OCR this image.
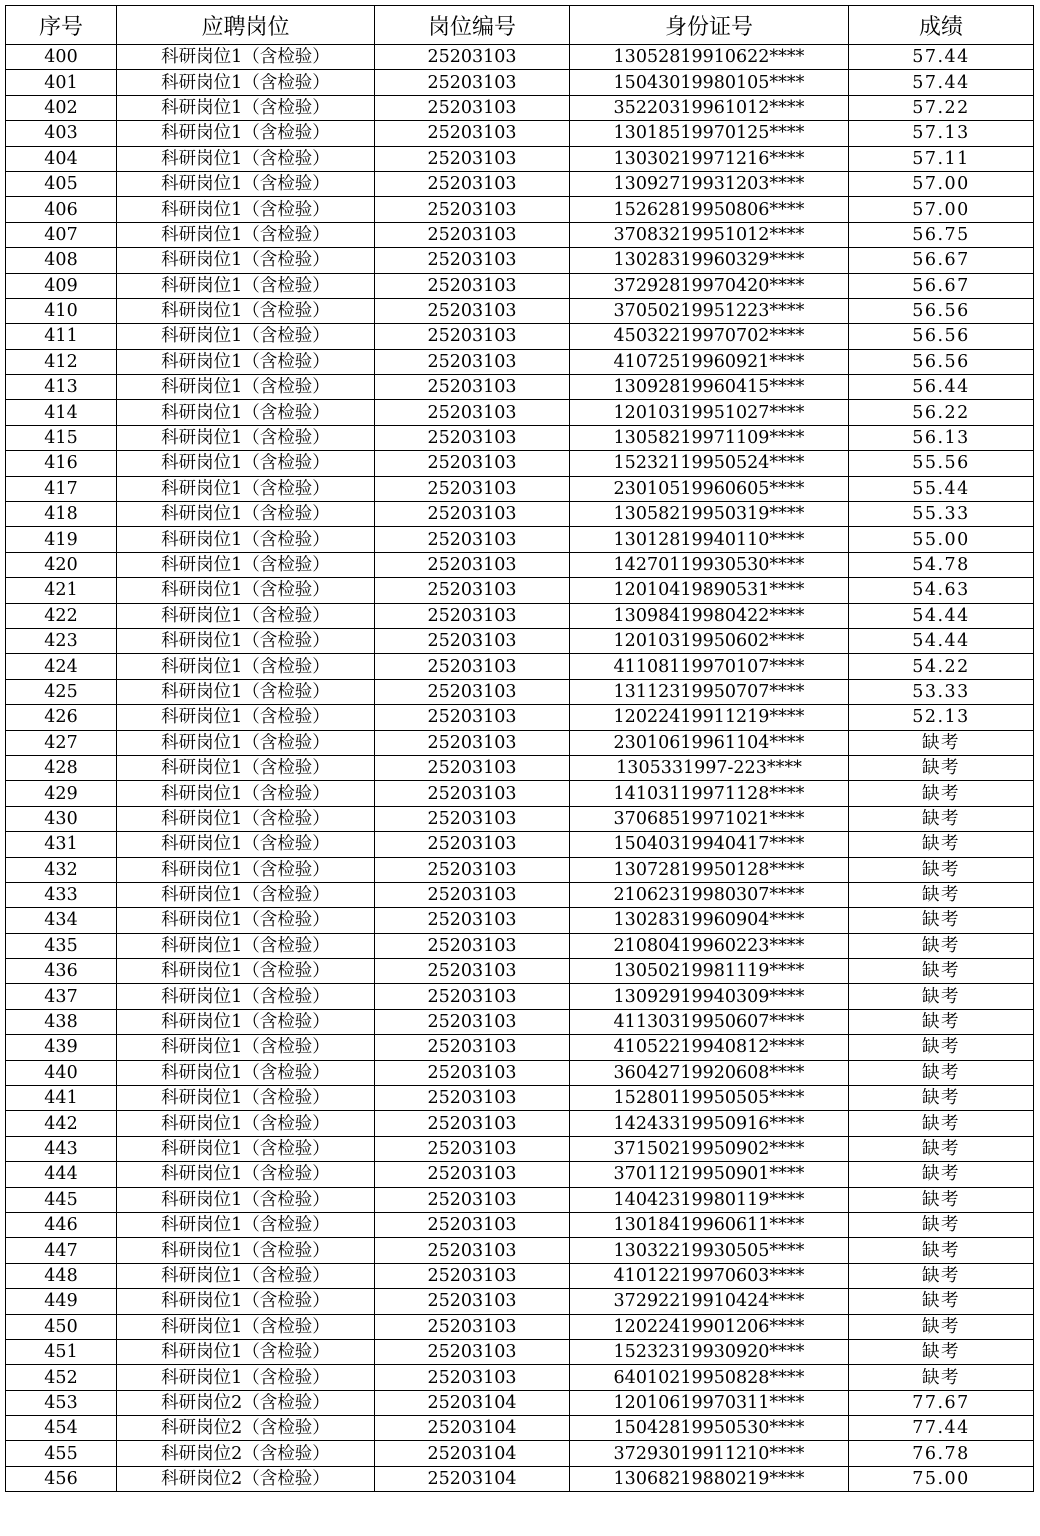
序号	应聘岗位	岗位编号	身份证号	成绩
400	科研岗位1（含检验）	25203103	13052819910622****	57.44
401	科研岗位1（含检验）	25203103	15043019980105****	57.44
402	科研岗位1（含检验）	25203103	35220319961012****	57.22
403	科研岗位1（含检验）	25203103	13018519970125****	57.13
404	科研岗位1（含检验）	25203103	13030219971216****	57.11
405	科研岗位1（含检验）	25203103	13092719931203****	57.00
406	科研岗位1（含检验）	25203103	15262819950806****	57.00
407	科研岗位1（含检验）	25203103	37083219951012****	56.75
408	科研岗位1（含检验）	25203103	13028319960329****	56.67
409	科研岗位1（含检验）	25203103	37292819970420****	56.67
410	科研岗位1（含检验）	25203103	37050219951223****	56.56
411	科研岗位1（含检验）	25203103	45032219970702****	56.56
412	科研岗位1（含检验）	25203103	41072519960921****	56.56
413	科研岗位1（含检验）	25203103	13092819960415****	56.44
414	科研岗位1（含检验）	25203103	12010319951027****	56.22
415	科研岗位1（含检验）	25203103	13058219971109****	56.13
416	科研岗位1（含检验）	25203103	15232119950524****	55.56
417	科研岗位1（含检验）	25203103	23010519960605****	55.44
418	科研岗位1（含检验）	25203103	13058219950319****	55.33
419	科研岗位1（含检验）	25203103	13012819940110****	55.00
420	科研岗位1（含检验）	25203103	14270119930530****	54.78
421	科研岗位1（含检验）	25203103	12010419890531****	54.63
422	科研岗位1（含检验）	25203103	13098419980422****	54.44
423	科研岗位1（含检验）	25203103	12010319950602****	54.44
424	科研岗位1（含检验）	25203103	41108119970107****	54.22
425	科研岗位1（含检验）	25203103	13112319950707****	53.33
426	科研岗位1（含检验）	25203103	12022419911219****	52.13
427	科研岗位1（含检验）	25203103	23010619961104****	缺考
428	科研岗位1（含检验）	25203103	1305331997-223****	缺考
429	科研岗位1（含检验）	25203103	14103119971128****	缺考
430	科研岗位1（含检验）	25203103	37068519971021****	缺考
431	科研岗位1（含检验）	25203103	15040319940417****	缺考
432	科研岗位1（含检验）	25203103	13072819950128****	缺考
433	科研岗位1（含检验）	25203103	21062319980307****	缺考
434	科研岗位1（含检验）	25203103	13028319960904****	缺考
435	科研岗位1（含检验）	25203103	21080419960223****	缺考
436	科研岗位1（含检验）	25203103	13050219981119****	缺考
437	科研岗位1（含检验）	25203103	13092919940309****	缺考
438	科研岗位1（含检验）	25203103	41130319950607****	缺考
439	科研岗位1（含检验）	25203103	41052219940812****	缺考
440	科研岗位1（含检验）	25203103	36042719920608****	缺考
441	科研岗位1（含检验）	25203103	15280119950505****	缺考
442	科研岗位1（含检验）	25203103	14243319950916****	缺考
443	科研岗位1（含检验）	25203103	37150219950902****	缺考
444	科研岗位1（含检验）	25203103	37011219950901****	缺考
445	科研岗位1（含检验）	25203103	14042319980119****	缺考
446	科研岗位1（含检验）	25203103	13018419960611****	缺考
447	科研岗位1（含检验）	25203103	13032219930505****	缺考
448	科研岗位1（含检验）	25203103	41012219970603****	缺考
449	科研岗位1（含检验）	25203103	37292219910424****	缺考
450	科研岗位1（含检验）	25203103	12022419901206****	缺考
451	科研岗位1（含检验）	25203103	15232319930920****	缺考
452	科研岗位1（含检验）	25203103	64010219950828****	缺考
453	科研岗位2（含检验）	25203104	12010619970311****	77.67
454	科研岗位2（含检验）	25203104	15042819950530****	77.44
455	科研岗位2（含检验）	25203104	37293019911210****	76.78
456	科研岗位2（含检验）	25203104	13068219880219****	75.00
